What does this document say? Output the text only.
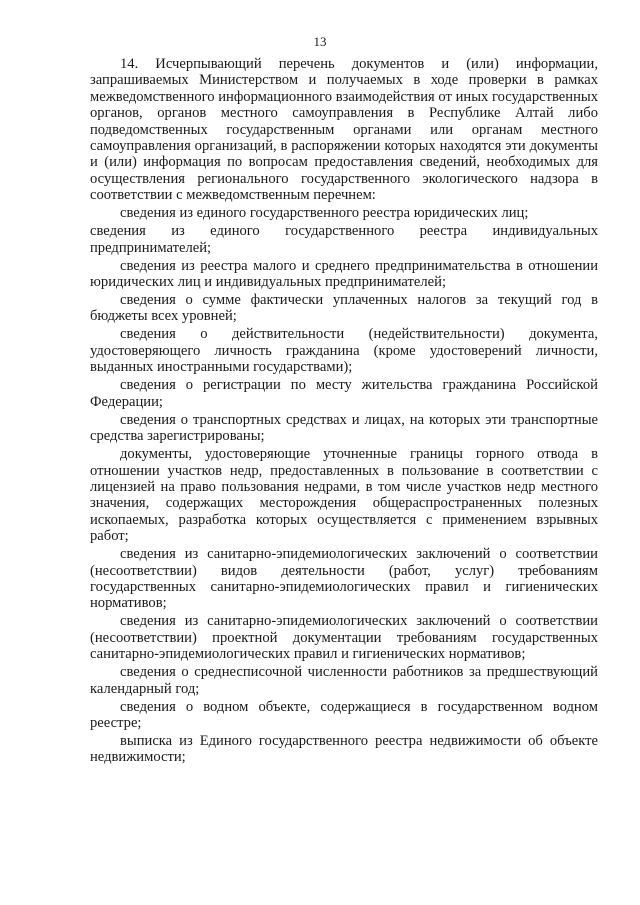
13

14. Исчерпывающий перечень документов и (или) информации, запрашиваемых Министерством и получаемых в ходе проверки в рамках межведомственного информационного взаимодействия от иных государственных органов, органов местного самоуправления в Республике Алтай либо подведомственных государственным органами или органам местного самоуправления организаций, в распоряжении которых находятся эти документы и (или) информация по вопросам предоставления сведений, необходимых для осуществления регионального государственного экологического надзора в соответствии с межведомственным перечнем:

сведения из единого государственного реестра юридических лиц;

сведения из единого государственного реестра индивидуальных предпринимателей;

сведения из реестра малого и среднего предпринимательства в отношении юридических лиц и индивидуальных предпринимателей;

сведения о сумме фактически уплаченных налогов за текущий год в бюджеты всех уровней;

сведения о действительности (недействительности) документа, удостоверяющего личность гражданина (кроме удостоверений личности, выданных иностранными государствами);

сведения о регистрации по месту жительства гражданина Российской Федерации;

сведения о транспортных средствах и лицах, на которых эти транспортные средства зарегистрированы;

документы, удостоверяющие уточненные границы горного отвода в отношении участков недр, предоставленных в пользование в соответствии с лицензией на право пользования недрами, в том числе участков недр местного значения, содержащих месторождения общераспространенных полезных ископаемых, разработка которых осуществляется с применением взрывных работ;

сведения из санитарно-эпидемиологических заключений о соответствии (несоответствии) видов деятельности (работ, услуг) требованиям государственных санитарно-эпидемиологических правил и гигиенических нормативов;

сведения из санитарно-эпидемиологических заключений о соответствии (несоответствии) проектной документации требованиям государственных санитарно-эпидемиологических правил и гигиенических нормативов;

сведения о среднесписочной численности работников за предшествующий календарный год;

сведения о водном объекте, содержащиеся в государственном водном реестре;

выписка из Единого государственного реестра недвижимости об объекте недвижимости;
